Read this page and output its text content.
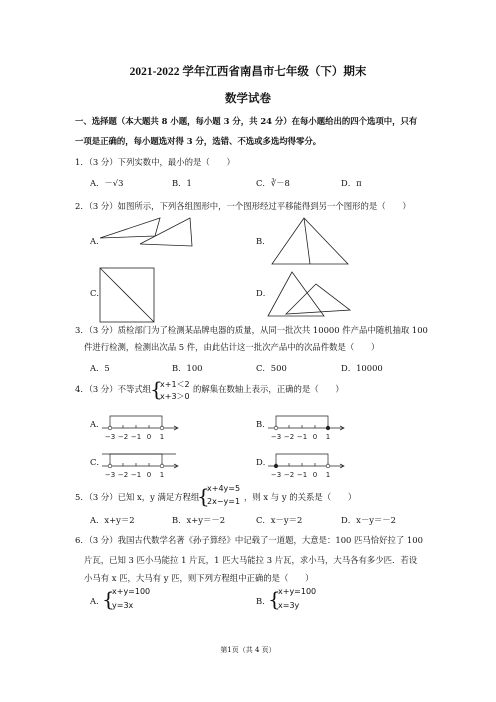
2021-2022 学年江西省南昌市七年级（下）期末
数学试卷
一、选择题（本大题共 8 小题，每小题 3 分，共 24 分）在每小题给出的四个选项中，只有
一项是正确的，每小题选对得 3 分，选错、不选或多选均得零分。
1．（3 分）下列实数中，最小的是（　　）
A．－√3	B．1	C．∛－8	D．π
2．（3 分）如图所示，下列各组图形中，一个图形经过平移能得到另一个图形的是（　　）
A．	B．
C．	D．
3．（3 分）质检部门为了检测某品牌电器的质量，从同一批次共 10000 件产品中随机抽取 100
件进行检测，检测出次品 5 件，由此估计这一批次产品中的次品件数是（　　）
A．5	B．100	C．500	D．10000
4．（3 分）不等式组
{
x+1＜2
x+3＞0
的解集在数轴上表示，正确的是（　　）
A．	B．
C．	D．
−3 −2 −1 0 1	−3 −2 −1 0 1
−3 −2 −1 0 1	−3 −2 −1 0 1
5．（3 分）已知 x，y 满足方程组
{
x+4y=5
2x−y=1 ，则 x 与 y 的关系是（　　）
A．x+y＝2	B．x+y＝－2	C．x－y＝2	D．x－y＝－2
6．（3 分）我国古代数学名著《孙子算经》中记载了一道题，大意是：100 匹马恰好拉了 100
片瓦，已知 3 匹小马能拉 1 片瓦，1 匹大马能拉 3 片瓦，求小马，大马各有多少匹．若设
小马有 x 匹，大马有 y 匹，则下列方程组中正确的是（　　）
A．
{
x+y=100
y=3x	B．
{
x+y=100
x=3y
第1页（共 4 页）
